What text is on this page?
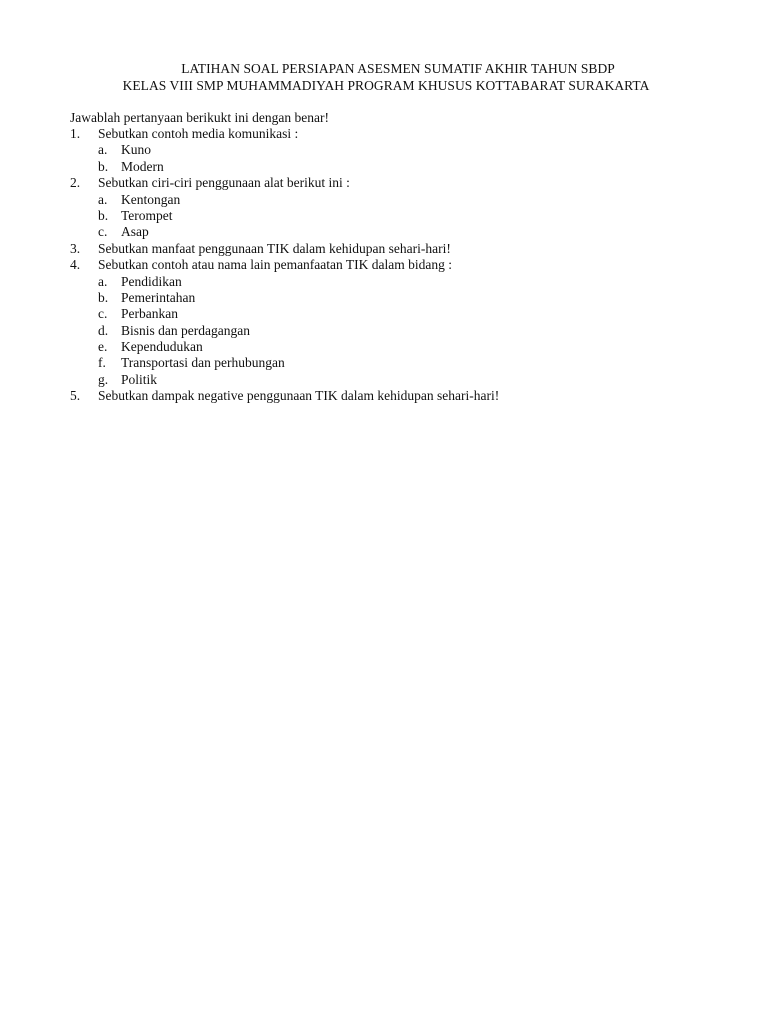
LATIHAN SOAL PERSIAPAN ASESMEN SUMATIF AKHIR TAHUN SBDP
KELAS VIII SMP MUHAMMADIYAH PROGRAM KHUSUS KOTTABARAT SURAKARTA
Jawablah pertanyaan berikukt ini dengan benar!
1. Sebutkan contoh media komunikasi :
a. Kuno
b. Modern
2. Sebutkan ciri-ciri penggunaan alat berikut ini :
a. Kentongan
b. Terompet
c. Asap
3. Sebutkan manfaat penggunaan TIK dalam kehidupan sehari-hari!
4. Sebutkan contoh atau nama lain pemanfaatan TIK dalam bidang :
a. Pendidikan
b. Pemerintahan
c. Perbankan
d. Bisnis dan perdagangan
e. Kependudukan
f. Transportasi dan perhubungan
g. Politik
5. Sebutkan dampak negative penggunaan TIK dalam kehidupan sehari-hari!
